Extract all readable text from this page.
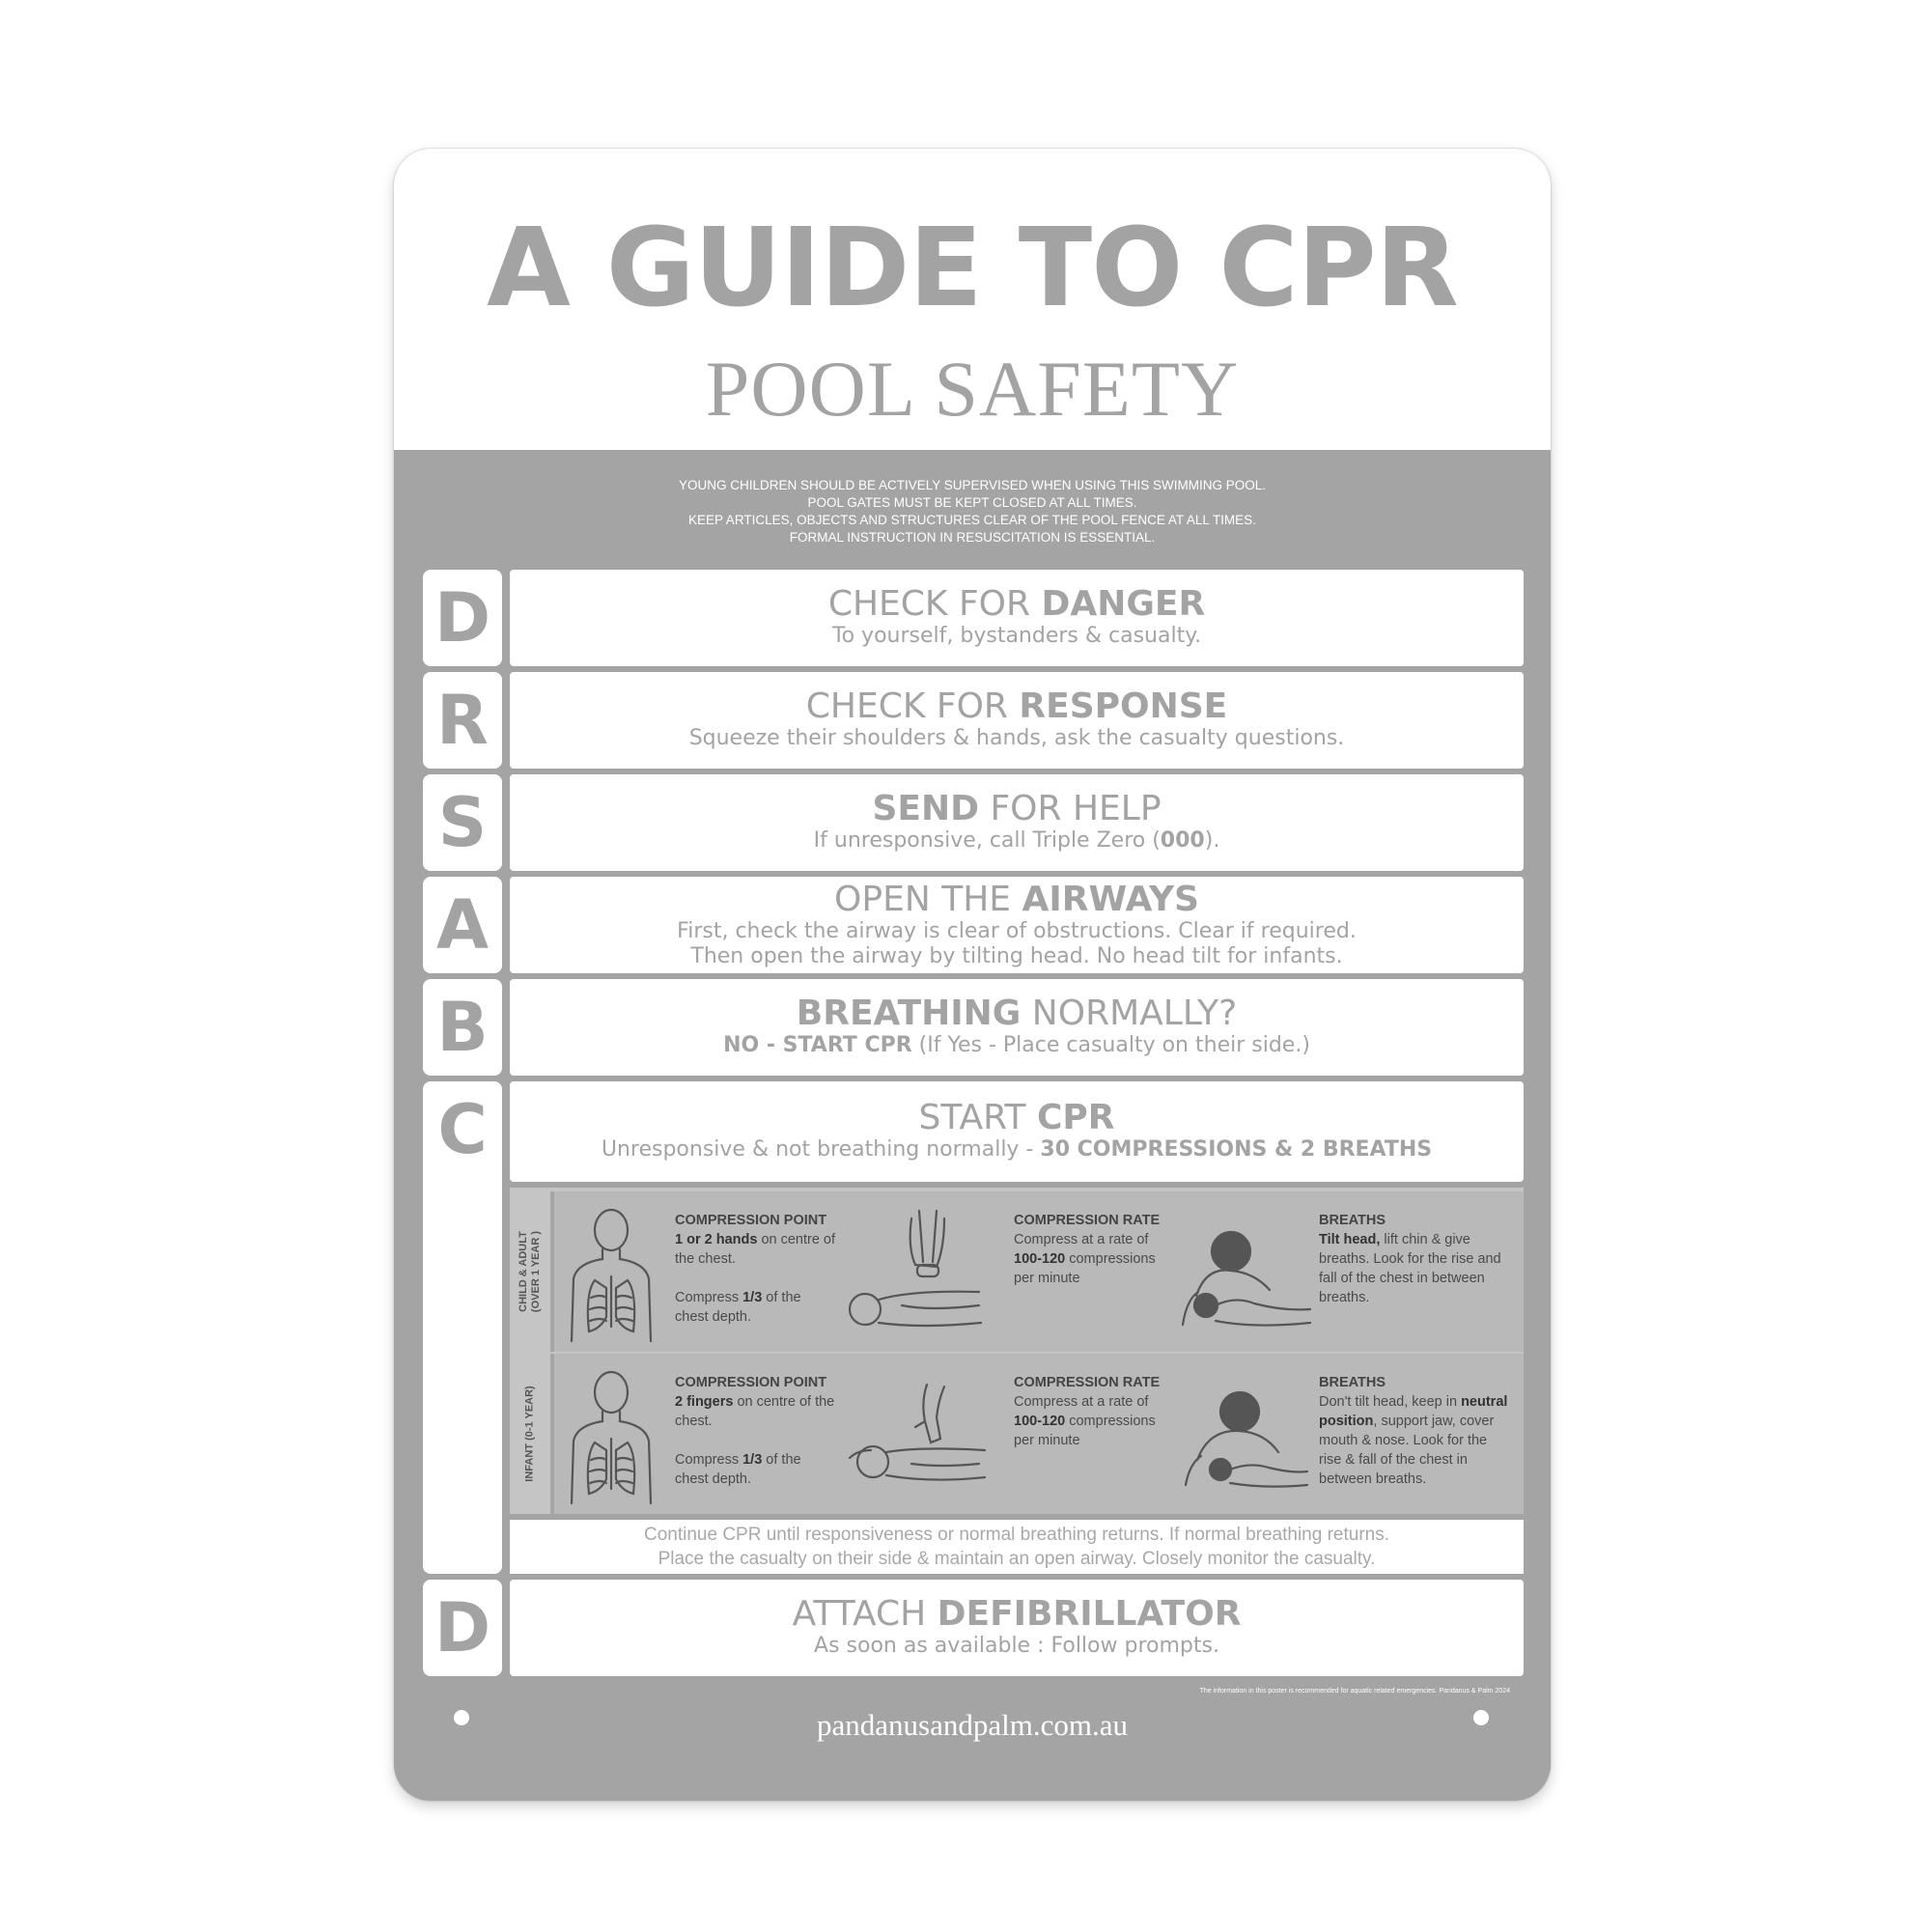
A GUIDE TO CPR
POOL SAFETY
YOUNG CHILDREN SHOULD BE ACTIVELY SUPERVISED WHEN USING THIS SWIMMING POOL.
POOL GATES MUST BE KEPT CLOSED AT ALL TIMES.
KEEP ARTICLES, OBJECTS AND STRUCTURES CLEAR OF THE POOL FENCE AT ALL TIMES.
FORMAL INSTRUCTION IN RESUSCITATION IS ESSENTIAL.
D
R
S
A
B
C
D
CHECK FOR DANGER
To yourself, bystanders & casualty.
CHECK FOR RESPONSE
Squeeze their shoulders & hands, ask the casualty questions.
SEND FOR HELP
If unresponsive, call Triple Zero (000).
OPEN THE AIRWAYS
First, check the airway is clear of obstructions. Clear if required.
Then open the airway by tilting head. No head tilt for infants.
BREATHING NORMALLY?
NO - START CPR (If Yes - Place casualty on their side.)
START CPR
Unresponsive & not breathing normally - 30 COMPRESSIONS & 2 BREATHS
CHILD & ADULT (OVER 1 YEAR )
COMPRESSION POINT
1 or 2 hands on centre of
the chest.

Compress 1/3 of the
chest depth.
COMPRESSION RATE
Compress at a rate of
100-120 compressions
per minute
BREATHS
Tilt head, lift chin & give
breaths. Look for the rise and
fall of the chest in between
breaths.
INFANT (0-1 YEAR)
COMPRESSION POINT
2 fingers on centre of the
chest.

Compress 1/3 of the
chest depth.
COMPRESSION RATE
Compress at a rate of
100-120 compressions
per minute
BREATHS
Don't tilt head, keep in neutral
position, support jaw, cover
mouth & nose. Look for the
rise & fall of the chest in
between breaths.
Continue CPR until responsiveness or normal breathing returns. If normal breathing returns.
Place the casualty on their side & maintain an open airway. Closely monitor the casualty.
ATTACH DEFIBRILLATOR
As soon as available : Follow prompts.
The information in this poster is recommended for aquatic related emergencies. Pandanus & Palm 2024
pandanusandpalm.com.au
